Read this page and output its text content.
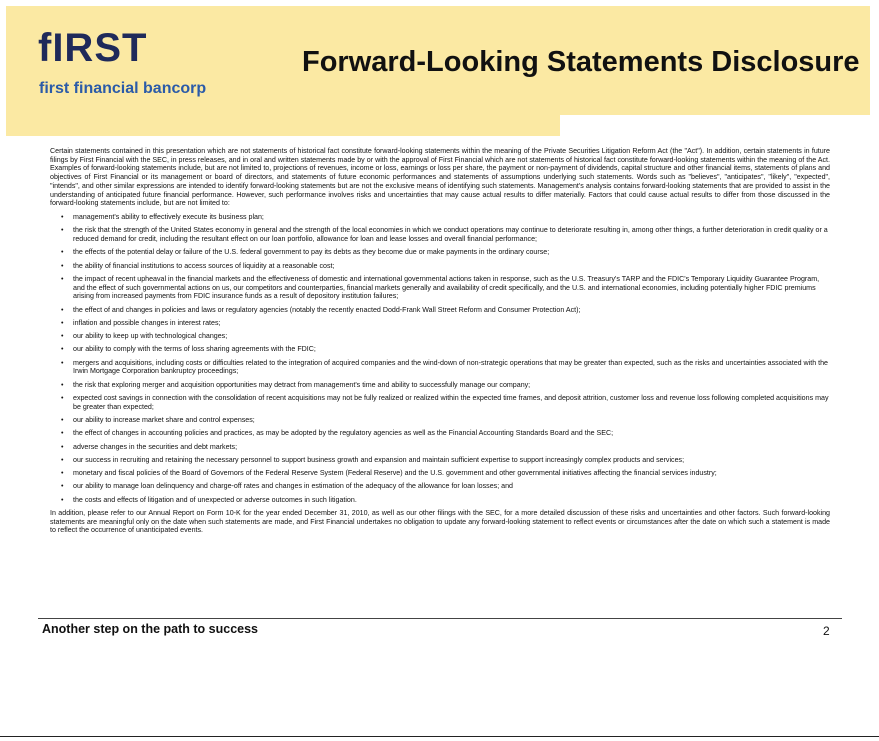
fIRST
first financial bancorp
Forward-Looking Statements Disclosure

Certain statements contained in this presentation which are not statements of historical fact constitute forward-looking statements within the meaning of the Private Securities Litigation Reform Act (the "Act"). In addition, certain statements in future filings by First Financial with the SEC, in press releases, and in oral and written statements made by or with the approval of First Financial which are not statements of historical fact constitute forward-looking statements within the meaning of the Act. Examples of forward-looking statements include, but are not limited to, projections of revenues, income or loss, earnings or loss per share, the payment or non-payment of dividends, capital structure and other financial items, statements of plans and objectives of First Financial or its management or board of directors, and statements of future economic performances and statements of assumptions underlying such statements. Words such as "believes", "anticipates", "likely", "expected", "intends", and other similar expressions are intended to identify forward-looking statements but are not the exclusive means of identifying such statements. Management's analysis contains forward-looking statements that are provided to assist in the understanding of anticipated future financial performance. However, such performance involves risks and uncertainties that may cause actual results to differ materially. Factors that could cause actual results to differ from those discussed in the forward-looking statements include, but are not limited to:

• management's ability to effectively execute its business plan;
• the risk that the strength of the United States economy in general and the strength of the local economies in which we conduct operations may continue to deteriorate resulting in, among other things, a further deterioration in credit quality or a reduced demand for credit, including the resultant effect on our loan portfolio, allowance for loan and lease losses and overall financial performance;
• the effects of the potential delay or failure of the U.S. federal government to pay its debts as they become due or make payments in the ordinary course;
• the ability of financial institutions to access sources of liquidity at a reasonable cost;
• the impact of recent upheaval in the financial markets and the effectiveness of domestic and international governmental actions taken in response, such as the U.S. Treasury's TARP and the FDIC's Temporary Liquidity Guarantee Program, and the effect of such governmental actions on us, our competitors and counterparties, financial markets generally and availability of credit specifically, and the U.S. and international economies, including potentially higher FDIC premiums arising from increased payments from FDIC insurance funds as a result of depository institution failures;
• the effect of and changes in policies and laws or regulatory agencies (notably the recently enacted Dodd-Frank Wall Street Reform and Consumer Protection Act);
• inflation and possible changes in interest rates;
• our ability to keep up with technological changes;
• our ability to comply with the terms of loss sharing agreements with the FDIC;
• mergers and acquisitions, including costs or difficulties related to the integration of acquired companies and the wind-down of non-strategic operations that may be greater than expected, such as the risks and uncertainties associated with the Irwin Mortgage Corporation bankruptcy proceedings;
• the risk that exploring merger and acquisition opportunities may detract from management's time and ability to successfully manage our company;
• expected cost savings in connection with the consolidation of recent acquisitions may not be fully realized or realized within the expected time frames, and deposit attrition, customer loss and revenue loss following completed acquisitions may be greater than expected;
• our ability to increase market share and control expenses;
• the effect of changes in accounting policies and practices, as may be adopted by the regulatory agencies as well as the Financial Accounting Standards Board and the SEC;
• adverse changes in the securities and debt markets;
• our success in recruiting and retaining the necessary personnel to support business growth and expansion and maintain sufficient expertise to support increasingly complex products and services;
• monetary and fiscal policies of the Board of Governors of the Federal Reserve System (Federal Reserve) and the U.S. government and other governmental initiatives affecting the financial services industry;
• our ability to manage loan delinquency and charge-off rates and changes in estimation of the adequacy of the allowance for loan losses; and
• the costs and effects of litigation and of unexpected or adverse outcomes in such litigation.

In addition, please refer to our Annual Report on Form 10-K for the year ended December 31, 2010, as well as our other filings with the SEC, for a more detailed discussion of these risks and uncertainties and other factors. Such forward-looking statements are meaningful only on the date when such statements are made, and First Financial undertakes no obligation to update any forward-looking statement to reflect events or circumstances after the date on which such a statement is made to reflect the occurrence of unanticipated events.

Another step on the path to success	2
